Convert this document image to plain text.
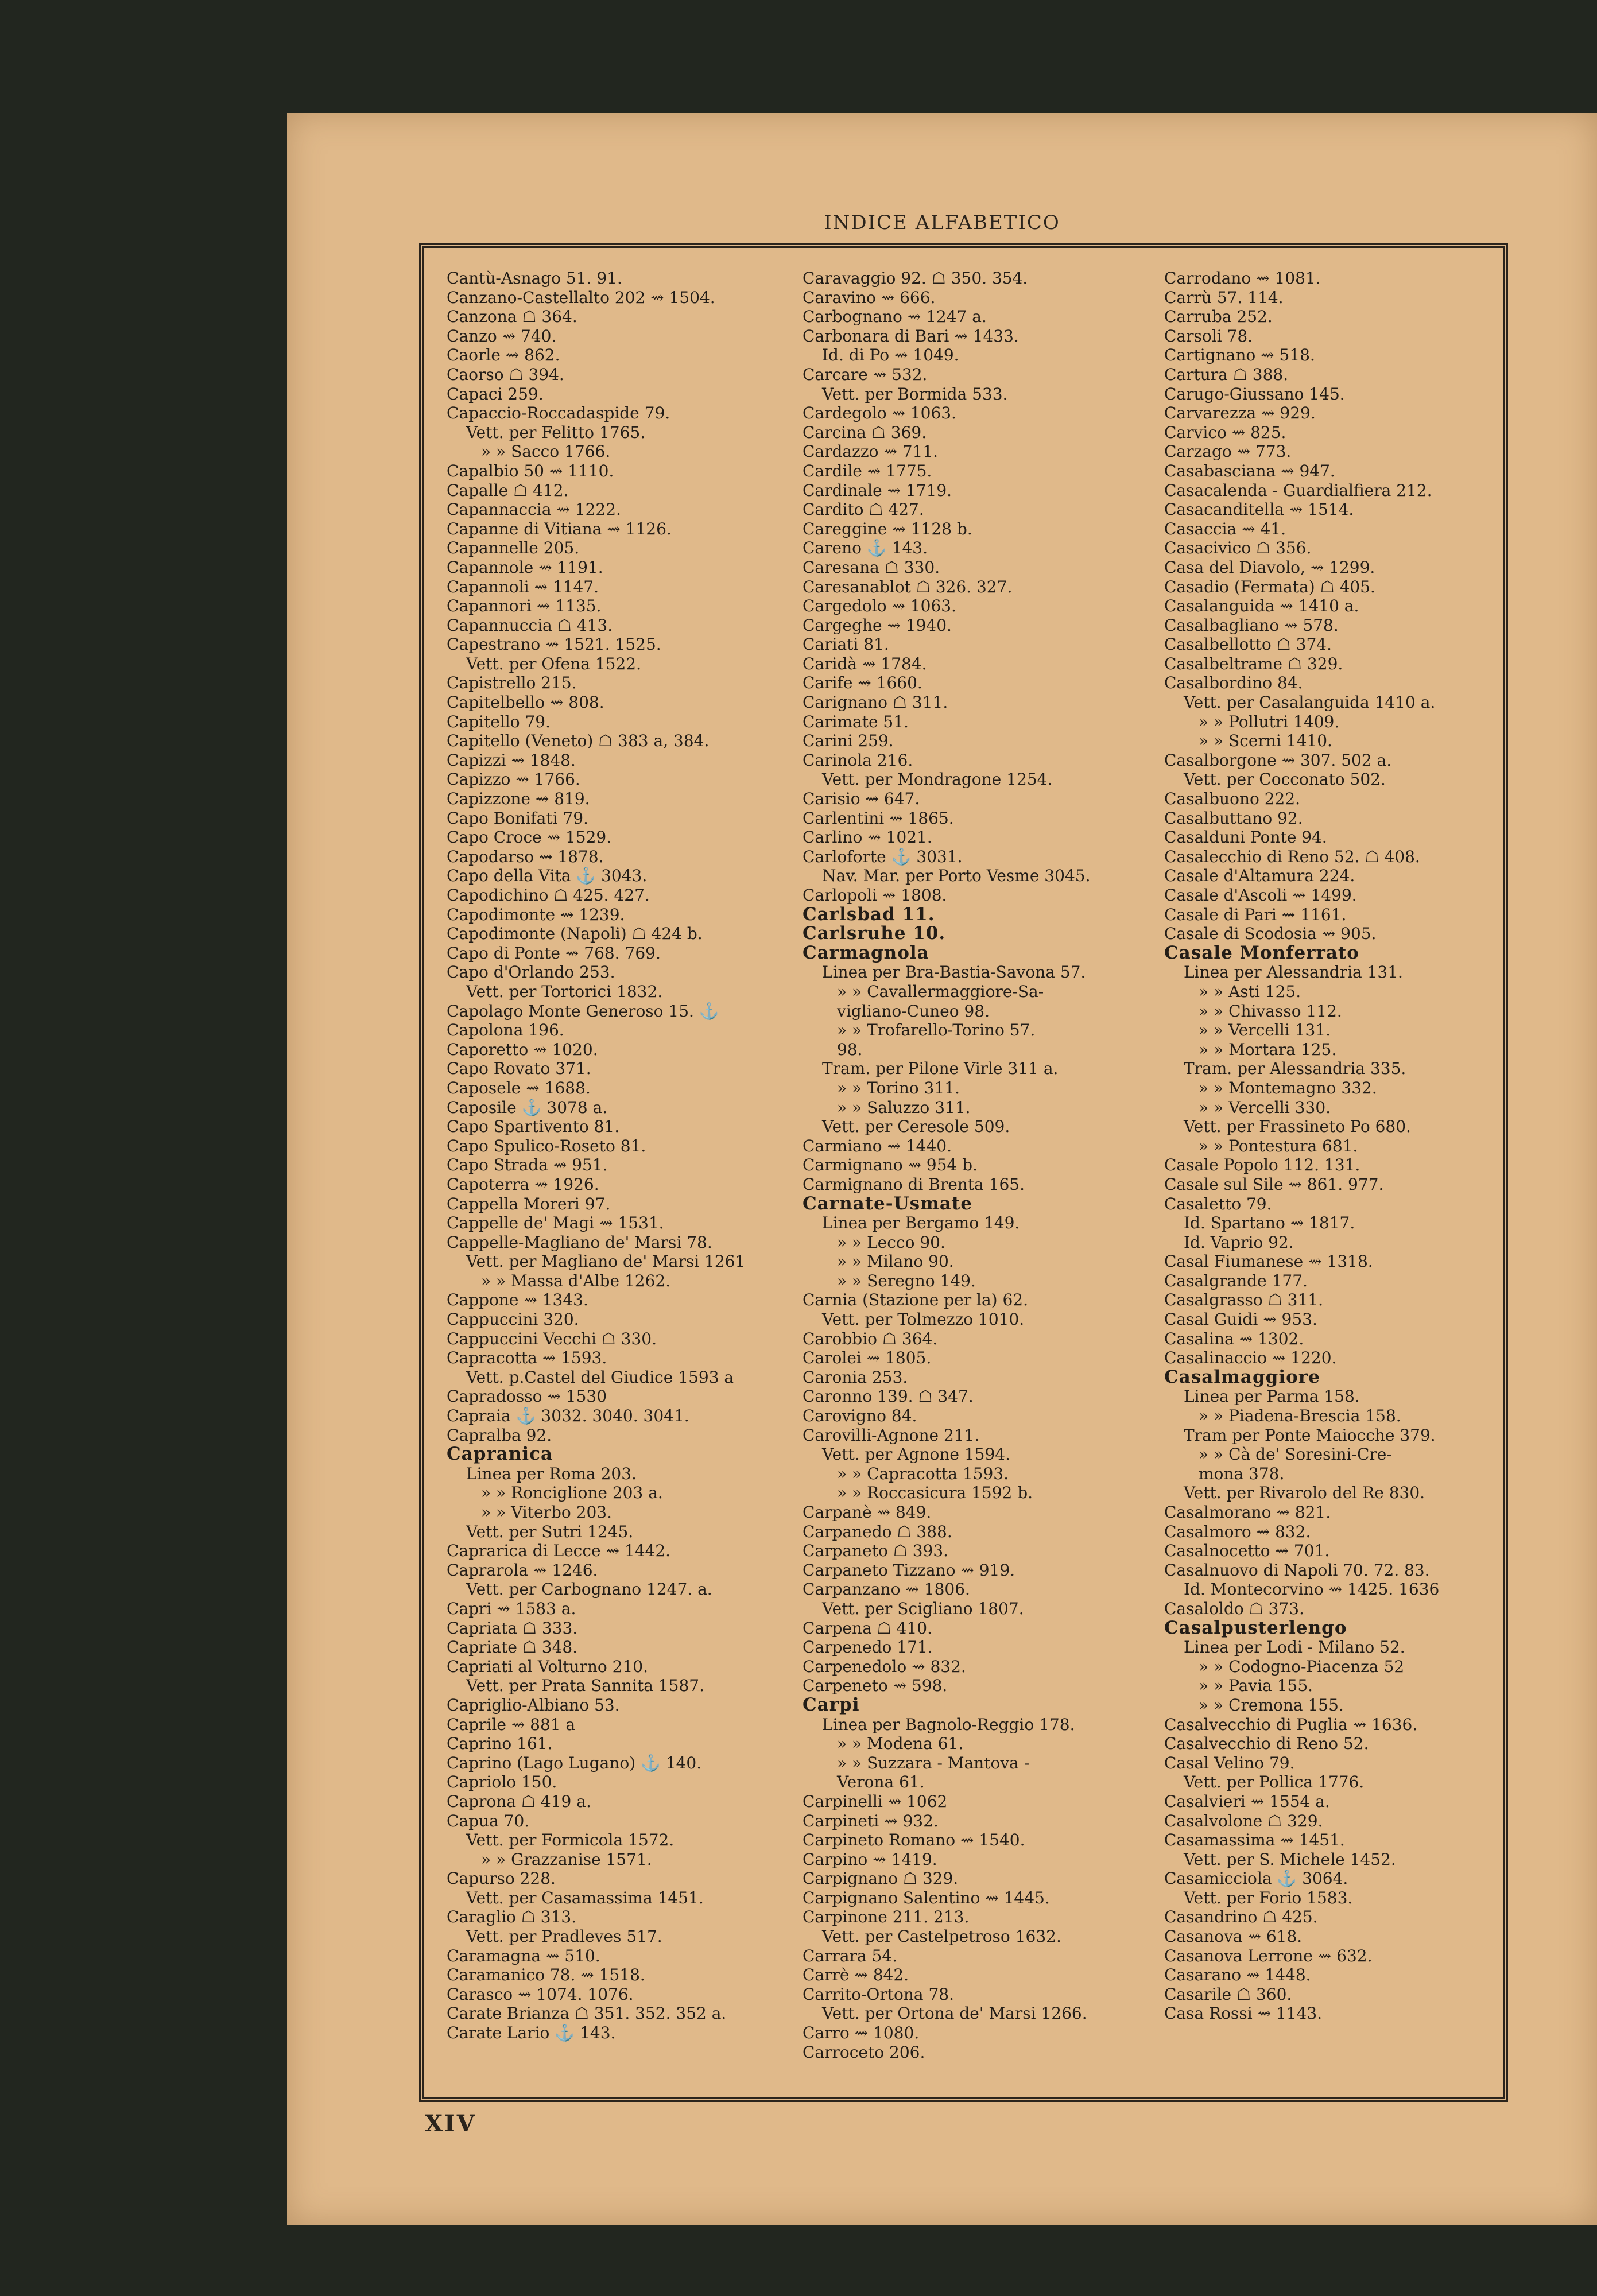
INDICE ALFABETICO
Cantù-Asnago 51. 91.
Canzano-Castellalto 202 ⇝ 1504.
Canzona ☖ 364.
Canzo ⇝ 740.
Caorle ⇝ 862.
Caorso ☖ 394.
Capaci 259.
Capaccio-Roccadaspide 79.
Vett. per Felitto 1765.
» » Sacco 1766.
Capalbio 50 ⇝ 1110.
Capalle ☖ 412.
Capannaccia ⇝ 1222.
Capanne di Vitiana ⇝ 1126.
Capannelle 205.
Capannole ⇝ 1191.
Capannoli ⇝ 1147.
Capannori ⇝ 1135.
Capannuccia ☖ 413.
Capestrano ⇝ 1521. 1525.
Vett. per Ofena 1522.
Capistrello 215.
Capitelbello ⇝ 808.
Capitello 79.
Capitello (Veneto) ☖ 383 a, 384.
Capizzi ⇝ 1848.
Capizzo ⇝ 1766.
Capizzone ⇝ 819.
Capo Bonifati 79.
Capo Croce ⇝ 1529.
Capodarso ⇝ 1878.
Capo della Vita ⚓ 3043.
Capodichino ☖ 425. 427.
Capodimonte ⇝ 1239.
Capodimonte (Napoli) ☖ 424 b.
Capo di Ponte ⇝ 768. 769.
Capo d'Orlando 253.
Vett. per Tortorici 1832.
Capolago Monte Generoso 15. ⚓
Capolona 196.
Caporetto ⇝ 1020.
Capo Rovato 371.
Caposele ⇝ 1688.
Caposile ⚓ 3078 a.
Capo Spartivento 81.
Capo Spulico-Roseto 81.
Capo Strada ⇝ 951.
Capoterra ⇝ 1926.
Cappella Moreri 97.
Cappelle de' Magi ⇝ 1531.
Cappelle-Magliano de' Marsi 78.
Vett. per Magliano de' Marsi 1261
» » Massa d'Albe 1262.
Cappone ⇝ 1343.
Cappuccini 320.
Cappuccini Vecchi ☖ 330.
Capracotta ⇝ 1593.
Vett. p.Castel del Giudice 1593 a
Capradosso ⇝ 1530
Capraia ⚓ 3032. 3040. 3041.
Capralba 92.
Capranica
Linea per Roma 203.
» » Ronciglione 203 a.
» » Viterbo 203.
Vett. per Sutri 1245.
Caprarica di Lecce ⇝ 1442.
Caprarola ⇝ 1246.
Vett. per Carbognano 1247. a.
Capri ⇝ 1583 a.
Capriata ☖ 333.
Capriate ☖ 348.
Capriati al Volturno 210.
Vett. per Prata Sannita 1587.
Capriglio-Albiano 53.
Caprile ⇝ 881 a
Caprino 161.
Caprino (Lago Lugano) ⚓ 140.
Capriolo 150.
Caprona ☖ 419 a.
Capua 70.
Vett. per Formicola 1572.
» » Grazzanise 1571.
Capurso 228.
Vett. per Casamassima 1451.
Caraglio ☖ 313.
Vett. per Pradleves 517.
Caramagna ⇝ 510.
Caramanico 78. ⇝ 1518.
Carasco ⇝ 1074. 1076.
Carate Brianza ☖ 351. 352. 352 a.
Carate Lario ⚓ 143.
Caravaggio 92. ☖ 350. 354.
Caravino ⇝ 666.
Carbognano ⇝ 1247 a.
Carbonara di Bari ⇝ 1433.
Id. di Po ⇝ 1049.
Carcare ⇝ 532.
Vett. per Bormida 533.
Cardegolo ⇝ 1063.
Carcina ☖ 369.
Cardazzo ⇝ 711.
Cardile ⇝ 1775.
Cardinale ⇝ 1719.
Cardito ☖ 427.
Careggine ⇝ 1128 b.
Careno ⚓ 143.
Caresana ☖ 330.
Caresanablot ☖ 326. 327.
Cargedolo ⇝ 1063.
Cargeghe ⇝ 1940.
Cariati 81.
Caridà ⇝ 1784.
Carife ⇝ 1660.
Carignano ☖ 311.
Carimate 51.
Carini 259.
Carinola 216.
Vett. per Mondragone 1254.
Carisio ⇝ 647.
Carlentini ⇝ 1865.
Carlino ⇝ 1021.
Carloforte ⚓ 3031.
Nav. Mar. per Porto Vesme 3045.
Carlopoli ⇝ 1808.
Carlsbad 11.
Carlsruhe 10.
Carmagnola
Linea per Bra-Bastia-Savona 57.
» » Cavallermaggiore-Sa-
vigliano-Cuneo 98.
» » Trofarello-Torino 57.
98.
Tram. per Pilone Virle 311 a.
» » Torino 311.
» » Saluzzo 311.
Vett. per Ceresole 509.
Carmiano ⇝ 1440.
Carmignano ⇝ 954 b.
Carmignano di Brenta 165.
Carnate-Usmate
Linea per Bergamo 149.
» » Lecco 90.
» » Milano 90.
» » Seregno 149.
Carnia (Stazione per la) 62.
Vett. per Tolmezzo 1010.
Carobbio ☖ 364.
Carolei ⇝ 1805.
Caronia 253.
Caronno 139. ☖ 347.
Carovigno 84.
Carovilli-Agnone 211.
Vett. per Agnone 1594.
» » Capracotta 1593.
» » Roccasicura 1592 b.
Carpanè ⇝ 849.
Carpanedo ☖ 388.
Carpaneto ☖ 393.
Carpaneto Tizzano ⇝ 919.
Carpanzano ⇝ 1806.
Vett. per Scigliano 1807.
Carpena ☖ 410.
Carpenedo 171.
Carpenedolo ⇝ 832.
Carpeneto ⇝ 598.
Carpi
Linea per Bagnolo-Reggio 178.
» » Modena 61.
» » Suzzara - Mantova -
Verona 61.
Carpinelli ⇝ 1062
Carpineti ⇝ 932.
Carpineto Romano ⇝ 1540.
Carpino ⇝ 1419.
Carpignano ☖ 329.
Carpignano Salentino ⇝ 1445.
Carpinone 211. 213.
Vett. per Castelpetroso 1632.
Carrara 54.
Carrè ⇝ 842.
Carrito-Ortona 78.
Vett. per Ortona de' Marsi 1266.
Carro ⇝ 1080.
Carroceto 206.
Carrodano ⇝ 1081.
Carrù 57. 114.
Carruba 252.
Carsoli 78.
Cartignano ⇝ 518.
Cartura ☖ 388.
Carugo-Giussano 145.
Carvarezza ⇝ 929.
Carvico ⇝ 825.
Carzago ⇝ 773.
Casabasciana ⇝ 947.
Casacalenda - Guardialfiera 212.
Casacanditella ⇝ 1514.
Casaccia ⇝ 41.
Casacivico ☖ 356.
Casa del Diavolo, ⇝ 1299.
Casadio (Fermata) ☖ 405.
Casalanguida ⇝ 1410 a.
Casalbagliano ⇝ 578.
Casalbellotto ☖ 374.
Casalbeltrame ☖ 329.
Casalbordino 84.
Vett. per Casalanguida 1410 a.
» » Pollutri 1409.
» » Scerni 1410.
Casalborgone ⇝ 307. 502 a.
Vett. per Cocconato 502.
Casalbuono 222.
Casalbuttano 92.
Casalduni Ponte 94.
Casalecchio di Reno 52. ☖ 408.
Casale d'Altamura 224.
Casale d'Ascoli ⇝ 1499.
Casale di Pari ⇝ 1161.
Casale di Scodosia ⇝ 905.
Casale Monferrato
Linea per Alessandria 131.
» » Asti 125.
» » Chivasso 112.
» » Vercelli 131.
» » Mortara 125.
Tram. per Alessandria 335.
» » Montemagno 332.
» » Vercelli 330.
Vett. per Frassineto Po 680.
» » Pontestura 681.
Casale Popolo 112. 131.
Casale sul Sile ⇝ 861. 977.
Casaletto 79.
Id. Spartano ⇝ 1817.
Id. Vaprio 92.
Casal Fiumanese ⇝ 1318.
Casalgrande 177.
Casalgrasso ☖ 311.
Casal Guidi ⇝ 953.
Casalina ⇝ 1302.
Casalinaccio ⇝ 1220.
Casalmaggiore
Linea per Parma 158.
» » Piadena-Brescia 158.
Tram per Ponte Maiocche 379.
» » Cà de' Soresini-Cre-
mona 378.
Vett. per Rivarolo del Re 830.
Casalmorano ⇝ 821.
Casalmoro ⇝ 832.
Casalnocetto ⇝ 701.
Casalnuovo di Napoli 70. 72. 83.
Id. Montecorvino ⇝ 1425. 1636
Casaloldo ☖ 373.
Casalpusterlengo
Linea per Lodi - Milano 52.
» » Codogno-Piacenza 52
» » Pavia 155.
» » Cremona 155.
Casalvecchio di Puglia ⇝ 1636.
Casalvecchio di Reno 52.
Casal Velino 79.
Vett. per Pollica 1776.
Casalvieri ⇝ 1554 a.
Casalvolone ☖ 329.
Casamassima ⇝ 1451.
Vett. per S. Michele 1452.
Casamicciola ⚓ 3064.
Vett. per Forio 1583.
Casandrino ☖ 425.
Casanova ⇝ 618.
Casanova Lerrone ⇝ 632.
Casarano ⇝ 1448.
Casarile ☖ 360.
Casa Rossi ⇝ 1143.
XIV
